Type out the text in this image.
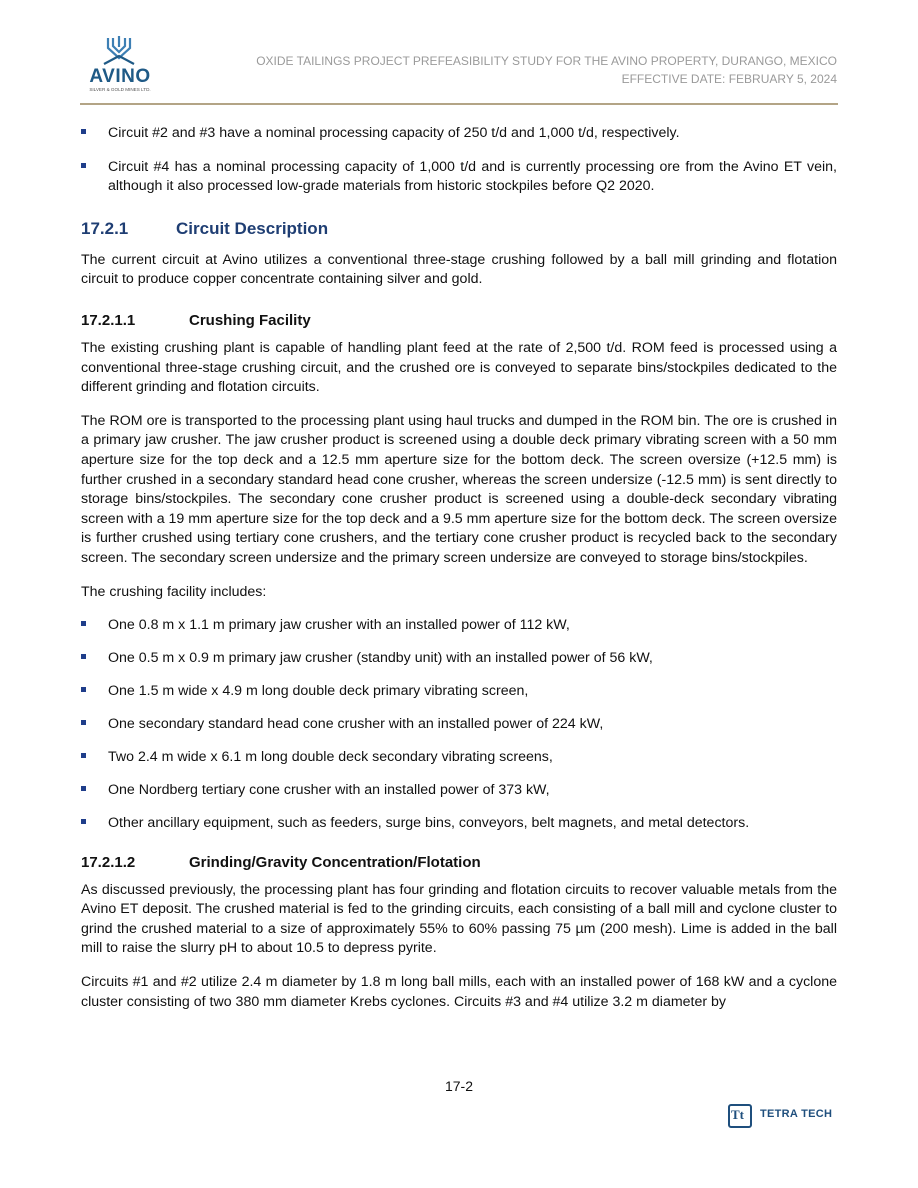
AVINO
SILVER & GOLD MINES LTD.
OXIDE TAILINGS PROJECT PREFEASIBILITY STUDY FOR THE AVINO PROPERTY, DURANGO, MEXICO
EFFECTIVE DATE: FEBRUARY 5, 2024
Circuit #2 and #3 have a nominal processing capacity of 250 t/d and 1,000 t/d, respectively.
Circuit #4 has a nominal processing capacity of 1,000 t/d and is currently processing ore from the Avino ET vein, although it also processed low-grade materials from historic stockpiles before Q2 2020.
17.2.1	Circuit Description

The current circuit at Avino utilizes a conventional three-stage crushing followed by a ball mill grinding and flotation circuit to produce copper concentrate containing silver and gold.

17.2.1.1	Crushing Facility

The existing crushing plant is capable of handling plant feed at the rate of 2,500 t/d. ROM feed is processed using a conventional three-stage crushing circuit, and the crushed ore is conveyed to separate bins/stockpiles dedicated to the different grinding and flotation circuits.

The ROM ore is transported to the processing plant using haul trucks and dumped in the ROM bin. The ore is crushed in a primary jaw crusher. The jaw crusher product is screened using a double deck primary vibrating screen with a 50 mm aperture size for the top deck and a 12.5 mm aperture size for the bottom deck. The screen oversize (+12.5 mm) is further crushed in a secondary standard head cone crusher, whereas the screen undersize (-12.5 mm) is sent directly to storage bins/stockpiles. The secondary cone crusher product is screened using a double-deck secondary vibrating screen with a 19 mm aperture size for the top deck and a 9.5 mm aperture size for the bottom deck. The screen oversize is further crushed using tertiary cone crushers, and the tertiary cone crusher product is recycled back to the secondary screen. The secondary screen undersize and the primary screen undersize are conveyed to storage bins/stockpiles.

The crushing facility includes:

One 0.8 m x 1.1 m primary jaw crusher with an installed power of 112 kW,
One 0.5 m x 0.9 m primary jaw crusher (standby unit) with an installed power of 56 kW,
One 1.5 m wide x 4.9 m long double deck primary vibrating screen,
One secondary standard head cone crusher with an installed power of 224 kW,
Two 2.4 m wide x 6.1 m long double deck secondary vibrating screens,
One Nordberg tertiary cone crusher with an installed power of 373 kW,
Other ancillary equipment, such as feeders, surge bins, conveyors, belt magnets, and metal detectors.
17.2.1.2	Grinding/Gravity Concentration/Flotation

As discussed previously, the processing plant has four grinding and flotation circuits to recover valuable metals from the Avino ET deposit. The crushed material is fed to the grinding circuits, each consisting of a ball mill and cyclone cluster to grind the crushed material to a size of approximately 55% to 60% passing 75 µm (200 mesh). Lime is added in the ball mill to raise the slurry pH to about 10.5 to depress pyrite.

Circuits #1 and #2 utilize 2.4 m diameter by 1.8 m long ball mills, each with an installed power of 168 kW and a cyclone cluster consisting of two 380 mm diameter Krebs cyclones. Circuits #3 and #4 utilize 3.2 m diameter by

17-2
Tt TETRA TECH
